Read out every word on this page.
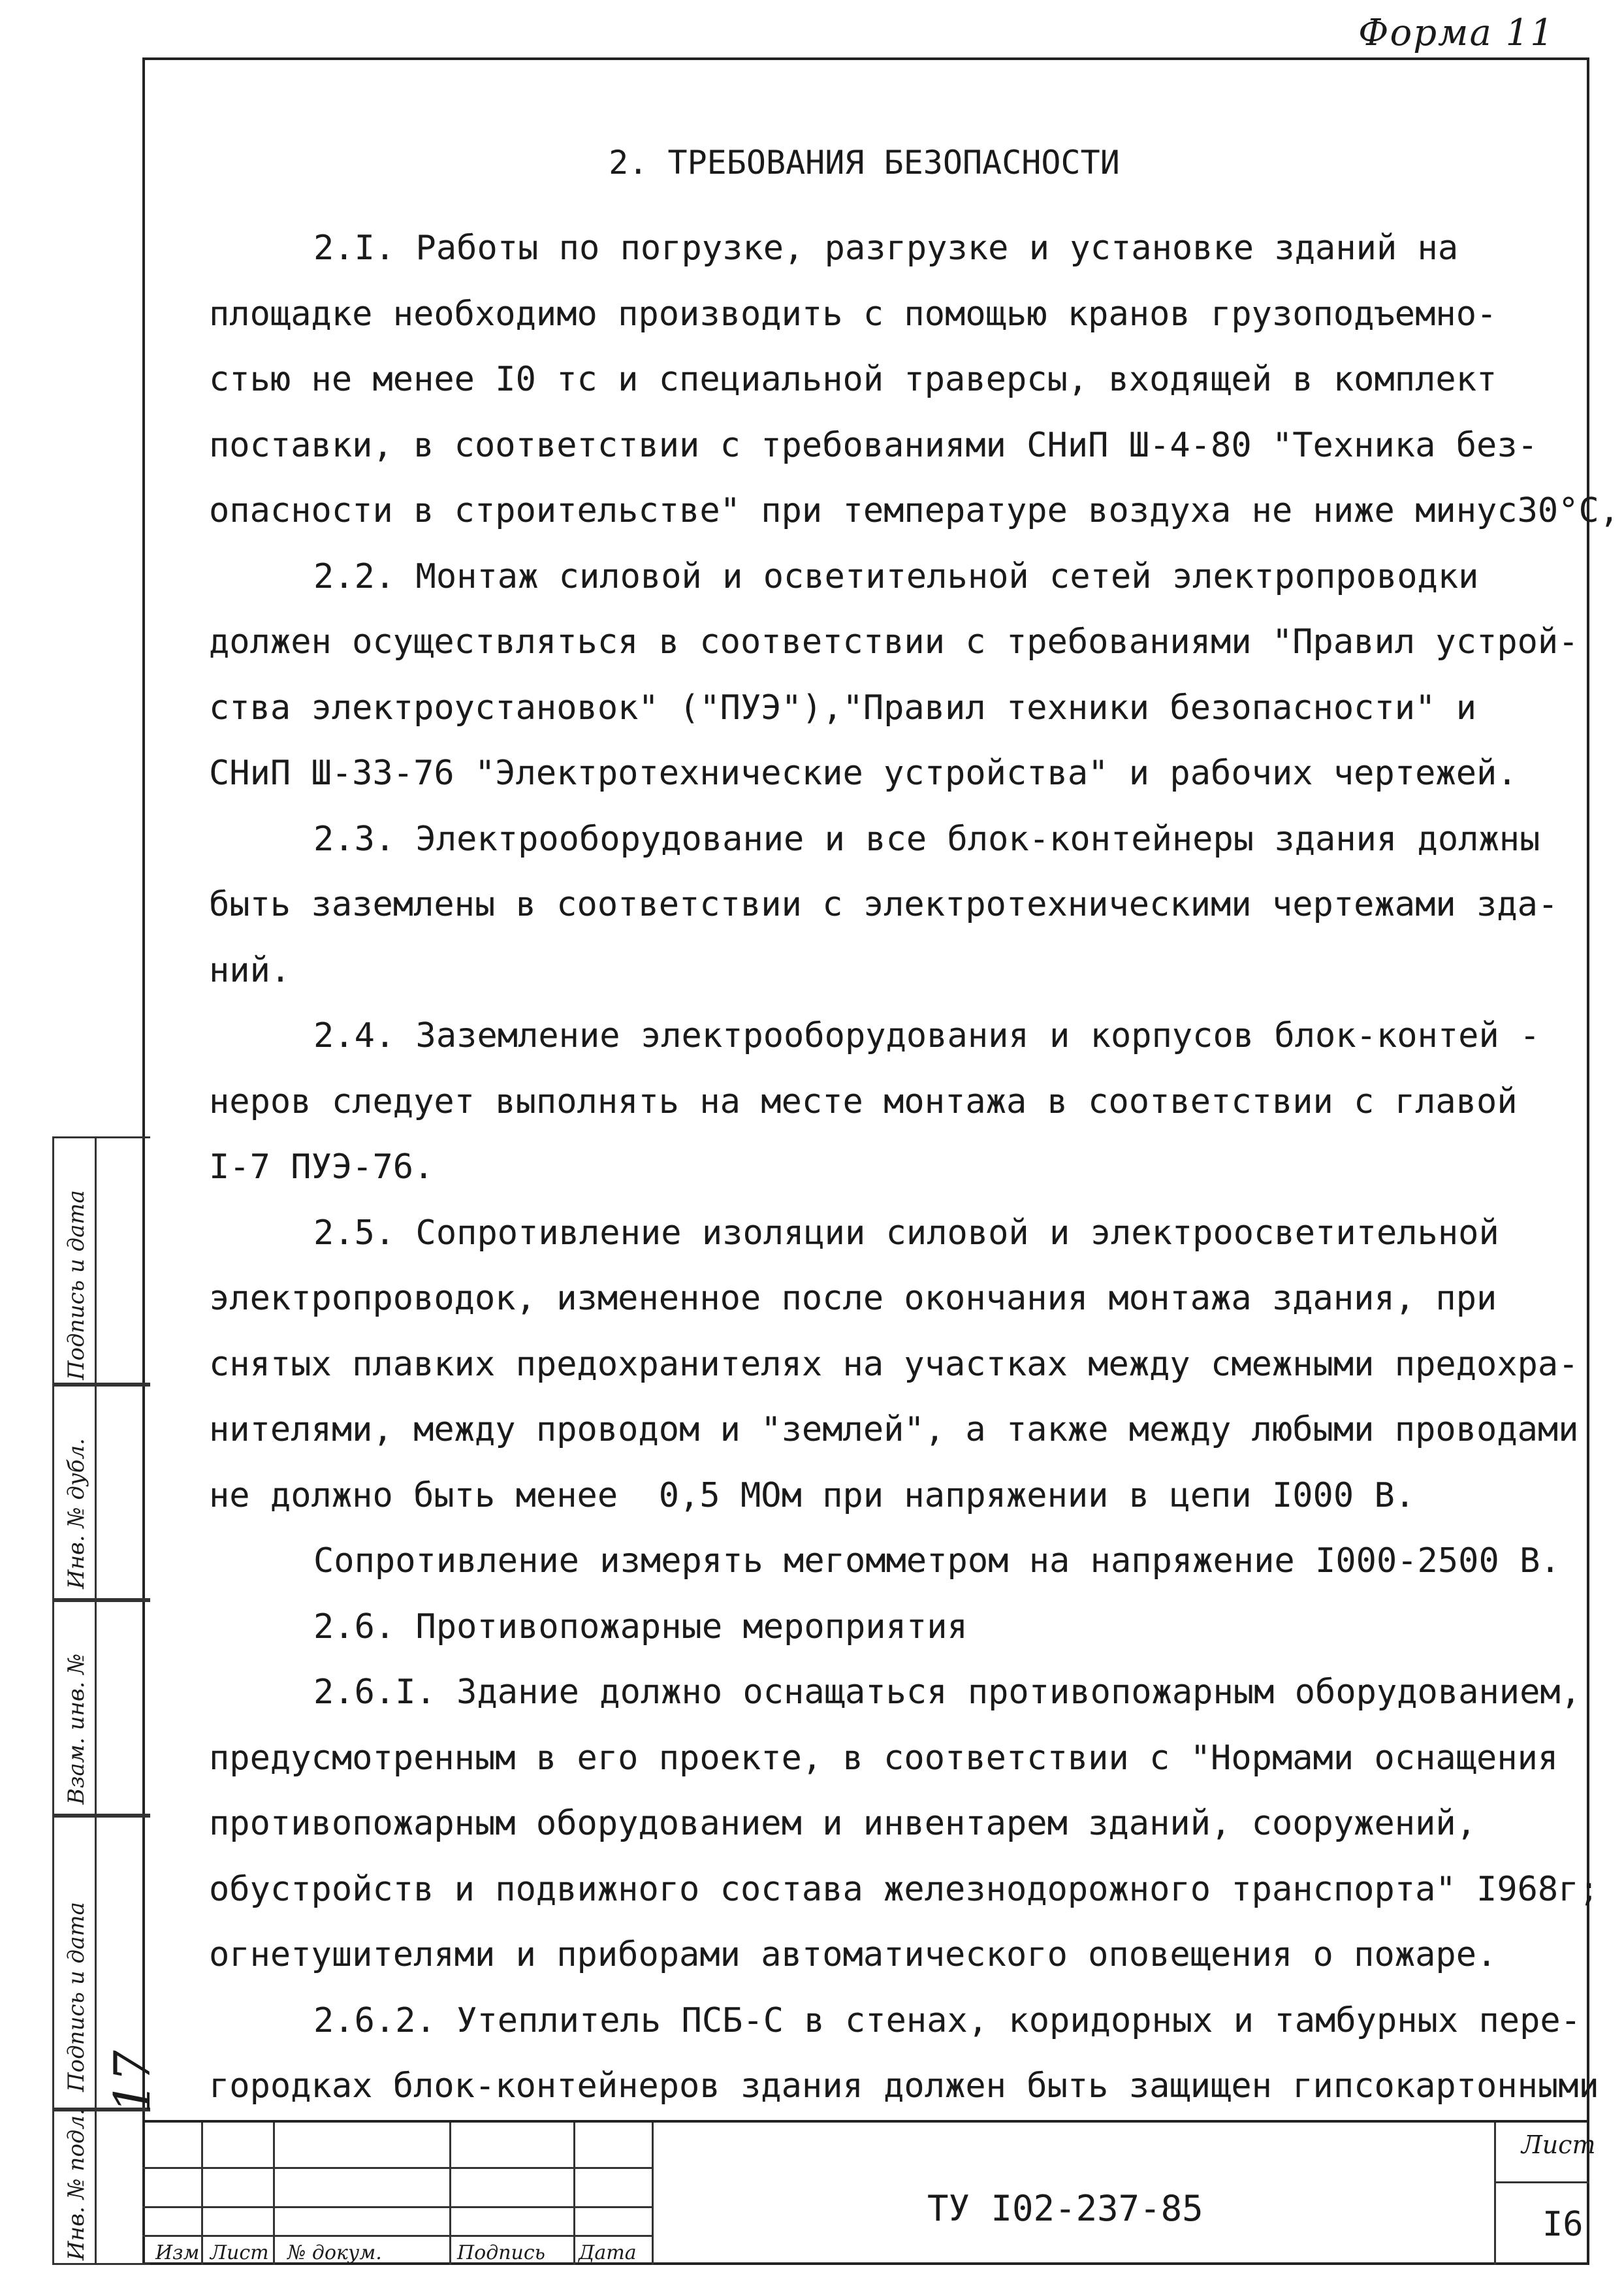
Форма 11
2. ТРЕБОВАНИЯ БЕЗОПАСНОСТИ
2.I. Работы по погрузке, разгрузке и установке зданий на
площадке необходимо производить с помощью кранов грузоподъемно-
стью не менее I0 тс и специальной траверсы, входящей в комплект
поставки, в соответствии с требованиями СНиП Ш-4-80 "Техника без-
опасности в строительстве" при температуре воздуха не ниже минус30°С,
2.2. Монтаж силовой и осветительной сетей электропроводки
должен осуществляться в соответствии с требованиями "Правил устрой-
ства электроустановок" ("ПУЭ"),"Правил техники безопасности" и
СНиП Ш-33-76 "Электротехнические устройства" и рабочих чертежей.
2.3. Электрооборудование и все блок-контейнеры здания должны
быть заземлены в соответствии с электротехническими чертежами зда-
ний.
2.4. Заземление электрооборудования и корпусов блок-контей -
неров следует выполнять на месте монтажа в соответствии с главой
I-7 ПУЭ-76.
2.5. Сопротивление изоляции силовой и электроосветительной
электропроводок, измененное после окончания монтажа здания, при
снятых плавких предохранителях на участках между смежными предохра-
нителями, между проводом и "землей", а также между любыми проводами
не должно быть менее  0,5 МОм при напряжении в цепи I000 В.
Сопротивление измерять мегомметром на напряжение I000-2500 В.
2.6. Противопожарные мероприятия
2.6.I. Здание должно оснащаться противопожарным оборудованием,
предусмотренным в его проекте, в соответствии с "Нормами оснащения
противопожарным оборудованием и инвентарем зданий, сооружений,
обустройств и подвижного состава железнодорожного транспорта" I968г;
огнетушителями и приборами автоматического оповещения о пожаре.
2.6.2. Утеплитель ПСБ-С в стенах, коридорных и тамбурных пере-
городках блок-контейнеров здания должен быть защищен гипсокартонными
Подпись и дата
Инв. № дубл.
Взам. инв. №
Подпись и дата
Инв. № подл.
17
ТУ I02-237-85
Лист
I6
Изм Лист № докум.	Подпись Дата
